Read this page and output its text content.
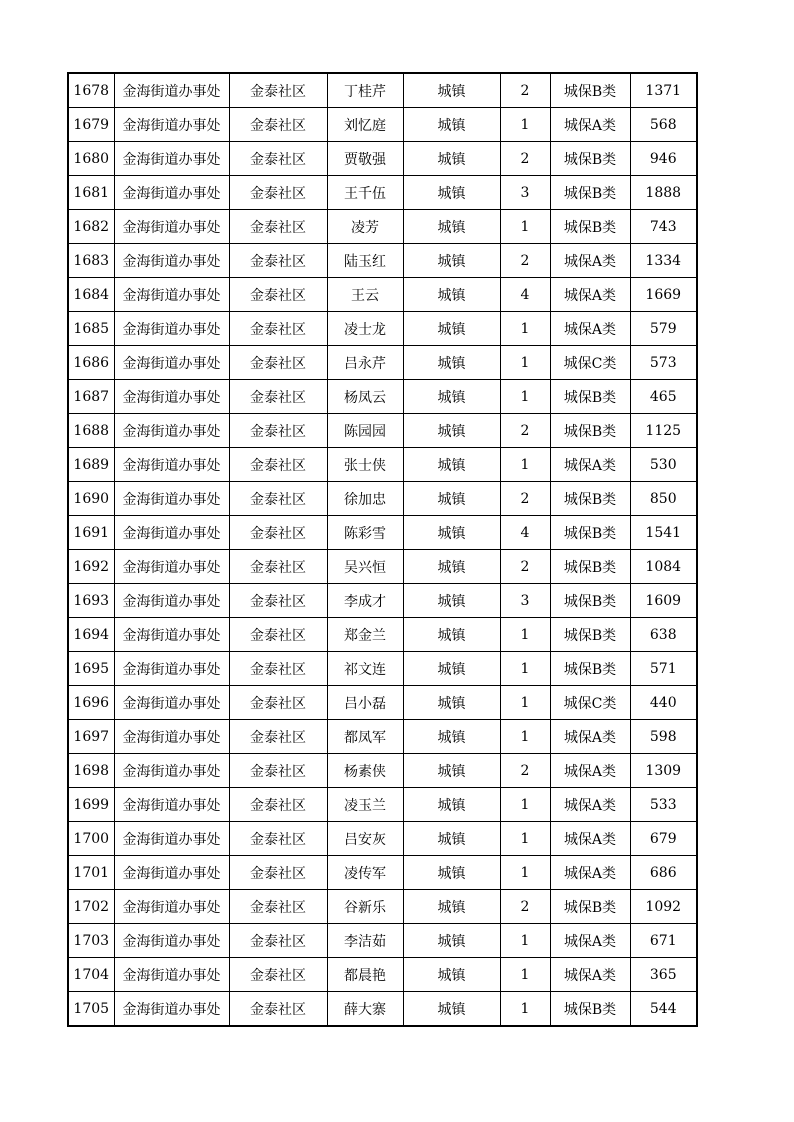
1678	金海街道办事处	金泰社区	丁桂芹	城镇	2	城保B类	1371
1679	金海街道办事处	金泰社区	刘忆庭	城镇	1	城保A类	568
1680	金海街道办事处	金泰社区	贾敬强	城镇	2	城保B类	946
1681	金海街道办事处	金泰社区	王千伍	城镇	3	城保B类	1888
1682	金海街道办事处	金泰社区	凌芳	城镇	1	城保B类	743
1683	金海街道办事处	金泰社区	陆玉红	城镇	2	城保A类	1334
1684	金海街道办事处	金泰社区	王云	城镇	4	城保A类	1669
1685	金海街道办事处	金泰社区	凌士龙	城镇	1	城保A类	579
1686	金海街道办事处	金泰社区	吕永芹	城镇	1	城保C类	573
1687	金海街道办事处	金泰社区	杨凤云	城镇	1	城保B类	465
1688	金海街道办事处	金泰社区	陈园园	城镇	2	城保B类	1125
1689	金海街道办事处	金泰社区	张士侠	城镇	1	城保A类	530
1690	金海街道办事处	金泰社区	徐加忠	城镇	2	城保B类	850
1691	金海街道办事处	金泰社区	陈彩雪	城镇	4	城保B类	1541
1692	金海街道办事处	金泰社区	吴兴恒	城镇	2	城保B类	1084
1693	金海街道办事处	金泰社区	李成才	城镇	3	城保B类	1609
1694	金海街道办事处	金泰社区	郑金兰	城镇	1	城保B类	638
1695	金海街道办事处	金泰社区	祁文连	城镇	1	城保B类	571
1696	金海街道办事处	金泰社区	吕小磊	城镇	1	城保C类	440
1697	金海街道办事处	金泰社区	都凤军	城镇	1	城保A类	598
1698	金海街道办事处	金泰社区	杨素侠	城镇	2	城保A类	1309
1699	金海街道办事处	金泰社区	凌玉兰	城镇	1	城保A类	533
1700	金海街道办事处	金泰社区	吕安灰	城镇	1	城保A类	679
1701	金海街道办事处	金泰社区	凌传军	城镇	1	城保A类	686
1702	金海街道办事处	金泰社区	谷新乐	城镇	2	城保B类	1092
1703	金海街道办事处	金泰社区	李洁茹	城镇	1	城保A类	671
1704	金海街道办事处	金泰社区	都晨艳	城镇	1	城保A类	365
1705	金海街道办事处	金泰社区	薛大寨	城镇	1	城保B类	544
